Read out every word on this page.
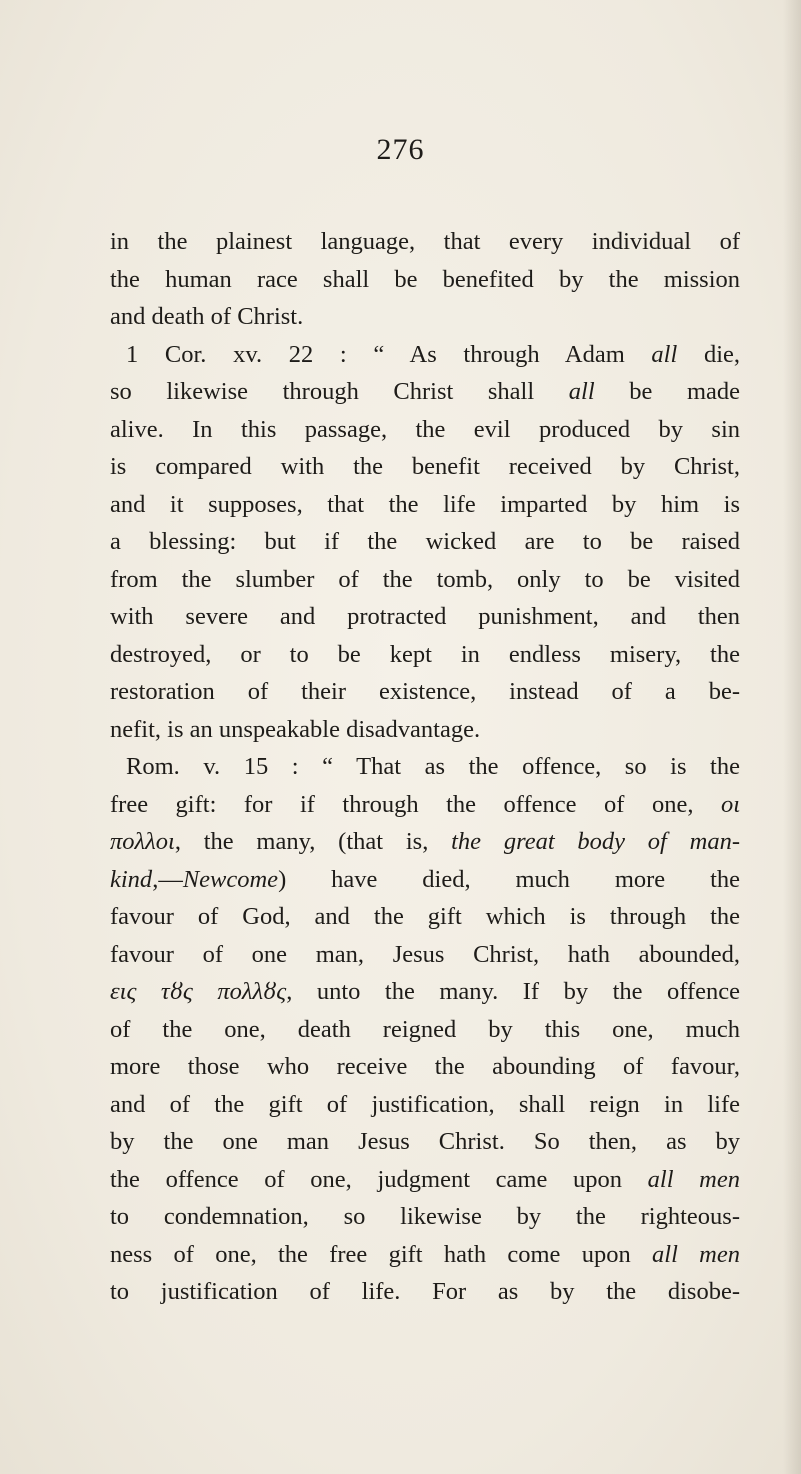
276
in the plainest language, that every individual of
the human race shall be benefited by the mission
and death of Christ.
1 Cor. xv. 22 : “ As through Adam all die,
so likewise through Christ shall all be made
alive. In this passage, the evil produced by sin
is compared with the benefit received by Christ,
and it supposes, that the life imparted by him is
a blessing: but if the wicked are to be raised
from the slumber of the tomb, only to be visited
with severe and protracted punishment, and then
destroyed, or to be kept in endless misery, the
restoration of their existence, instead of a be-
nefit, is an unspeakable disadvantage.
Rom. v. 15 : “ That as the offence, so is the
free gift: for if through the offence of one, οι
πολλοι, the many, (that is, the great body of man-
kind,—Newcome) have died, much more the
favour of God, and the gift which is through the
favour of one man, Jesus Christ, hath abounded,
εις τȣς πολλȣς, unto the many. If by the offence
of the one, death reigned by this one, much
more those who receive the abounding of favour,
and of the gift of justification, shall reign in life
by the one man Jesus Christ. So then, as by
the offence of one, judgment came upon all men
to condemnation, so likewise by the righteous-
ness of one, the free gift hath come upon all men
to justification of life. For as by the disobe-
